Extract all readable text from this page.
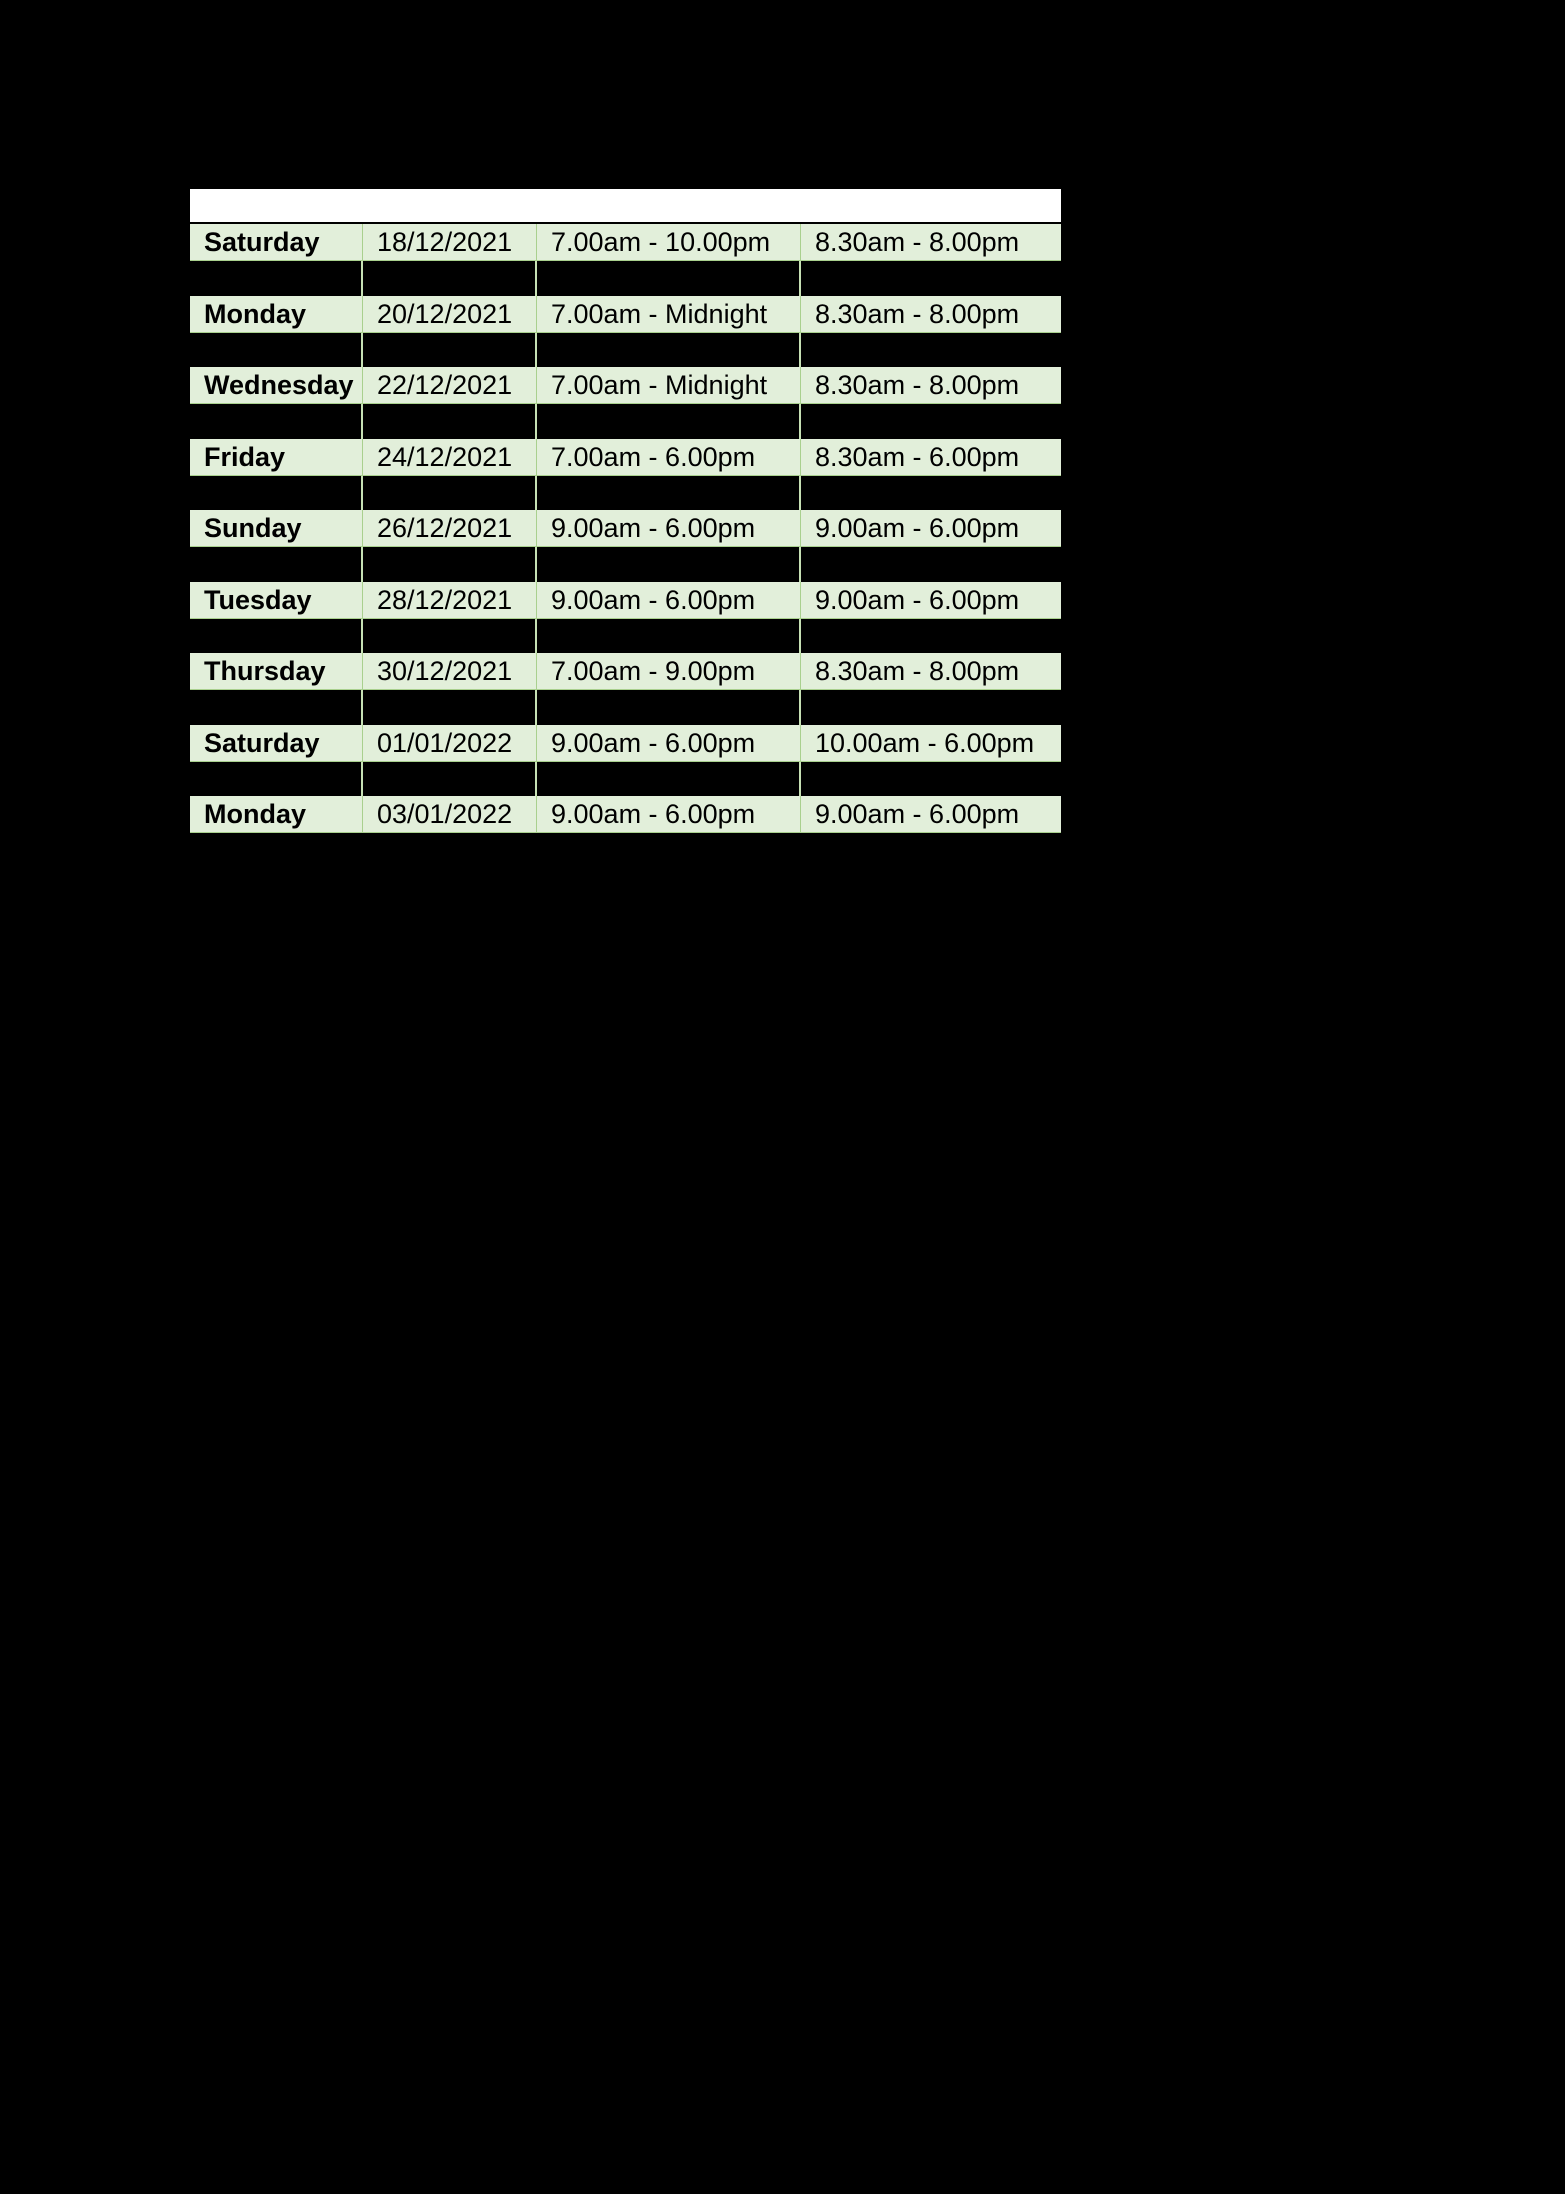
Saturday	18/12/2021	7.00am - 10.00pm	8.30am - 8.00pm
Monday	20/12/2021	7.00am - Midnight	8.30am - 8.00pm
Wednesday 22/12/2021	7.00am - Midnight	8.30am - 8.00pm
Friday	24/12/2021	7.00am - 6.00pm	8.30am - 6.00pm
Sunday	26/12/2021	9.00am - 6.00pm	9.00am - 6.00pm
Tuesday	28/12/2021	9.00am - 6.00pm	9.00am - 6.00pm
Thursday	30/12/2021	7.00am - 9.00pm	8.30am - 8.00pm
Saturday	01/01/2022	9.00am - 6.00pm	10.00am - 6.00pm
Monday	03/01/2022	9.00am - 6.00pm	9.00am - 6.00pm
